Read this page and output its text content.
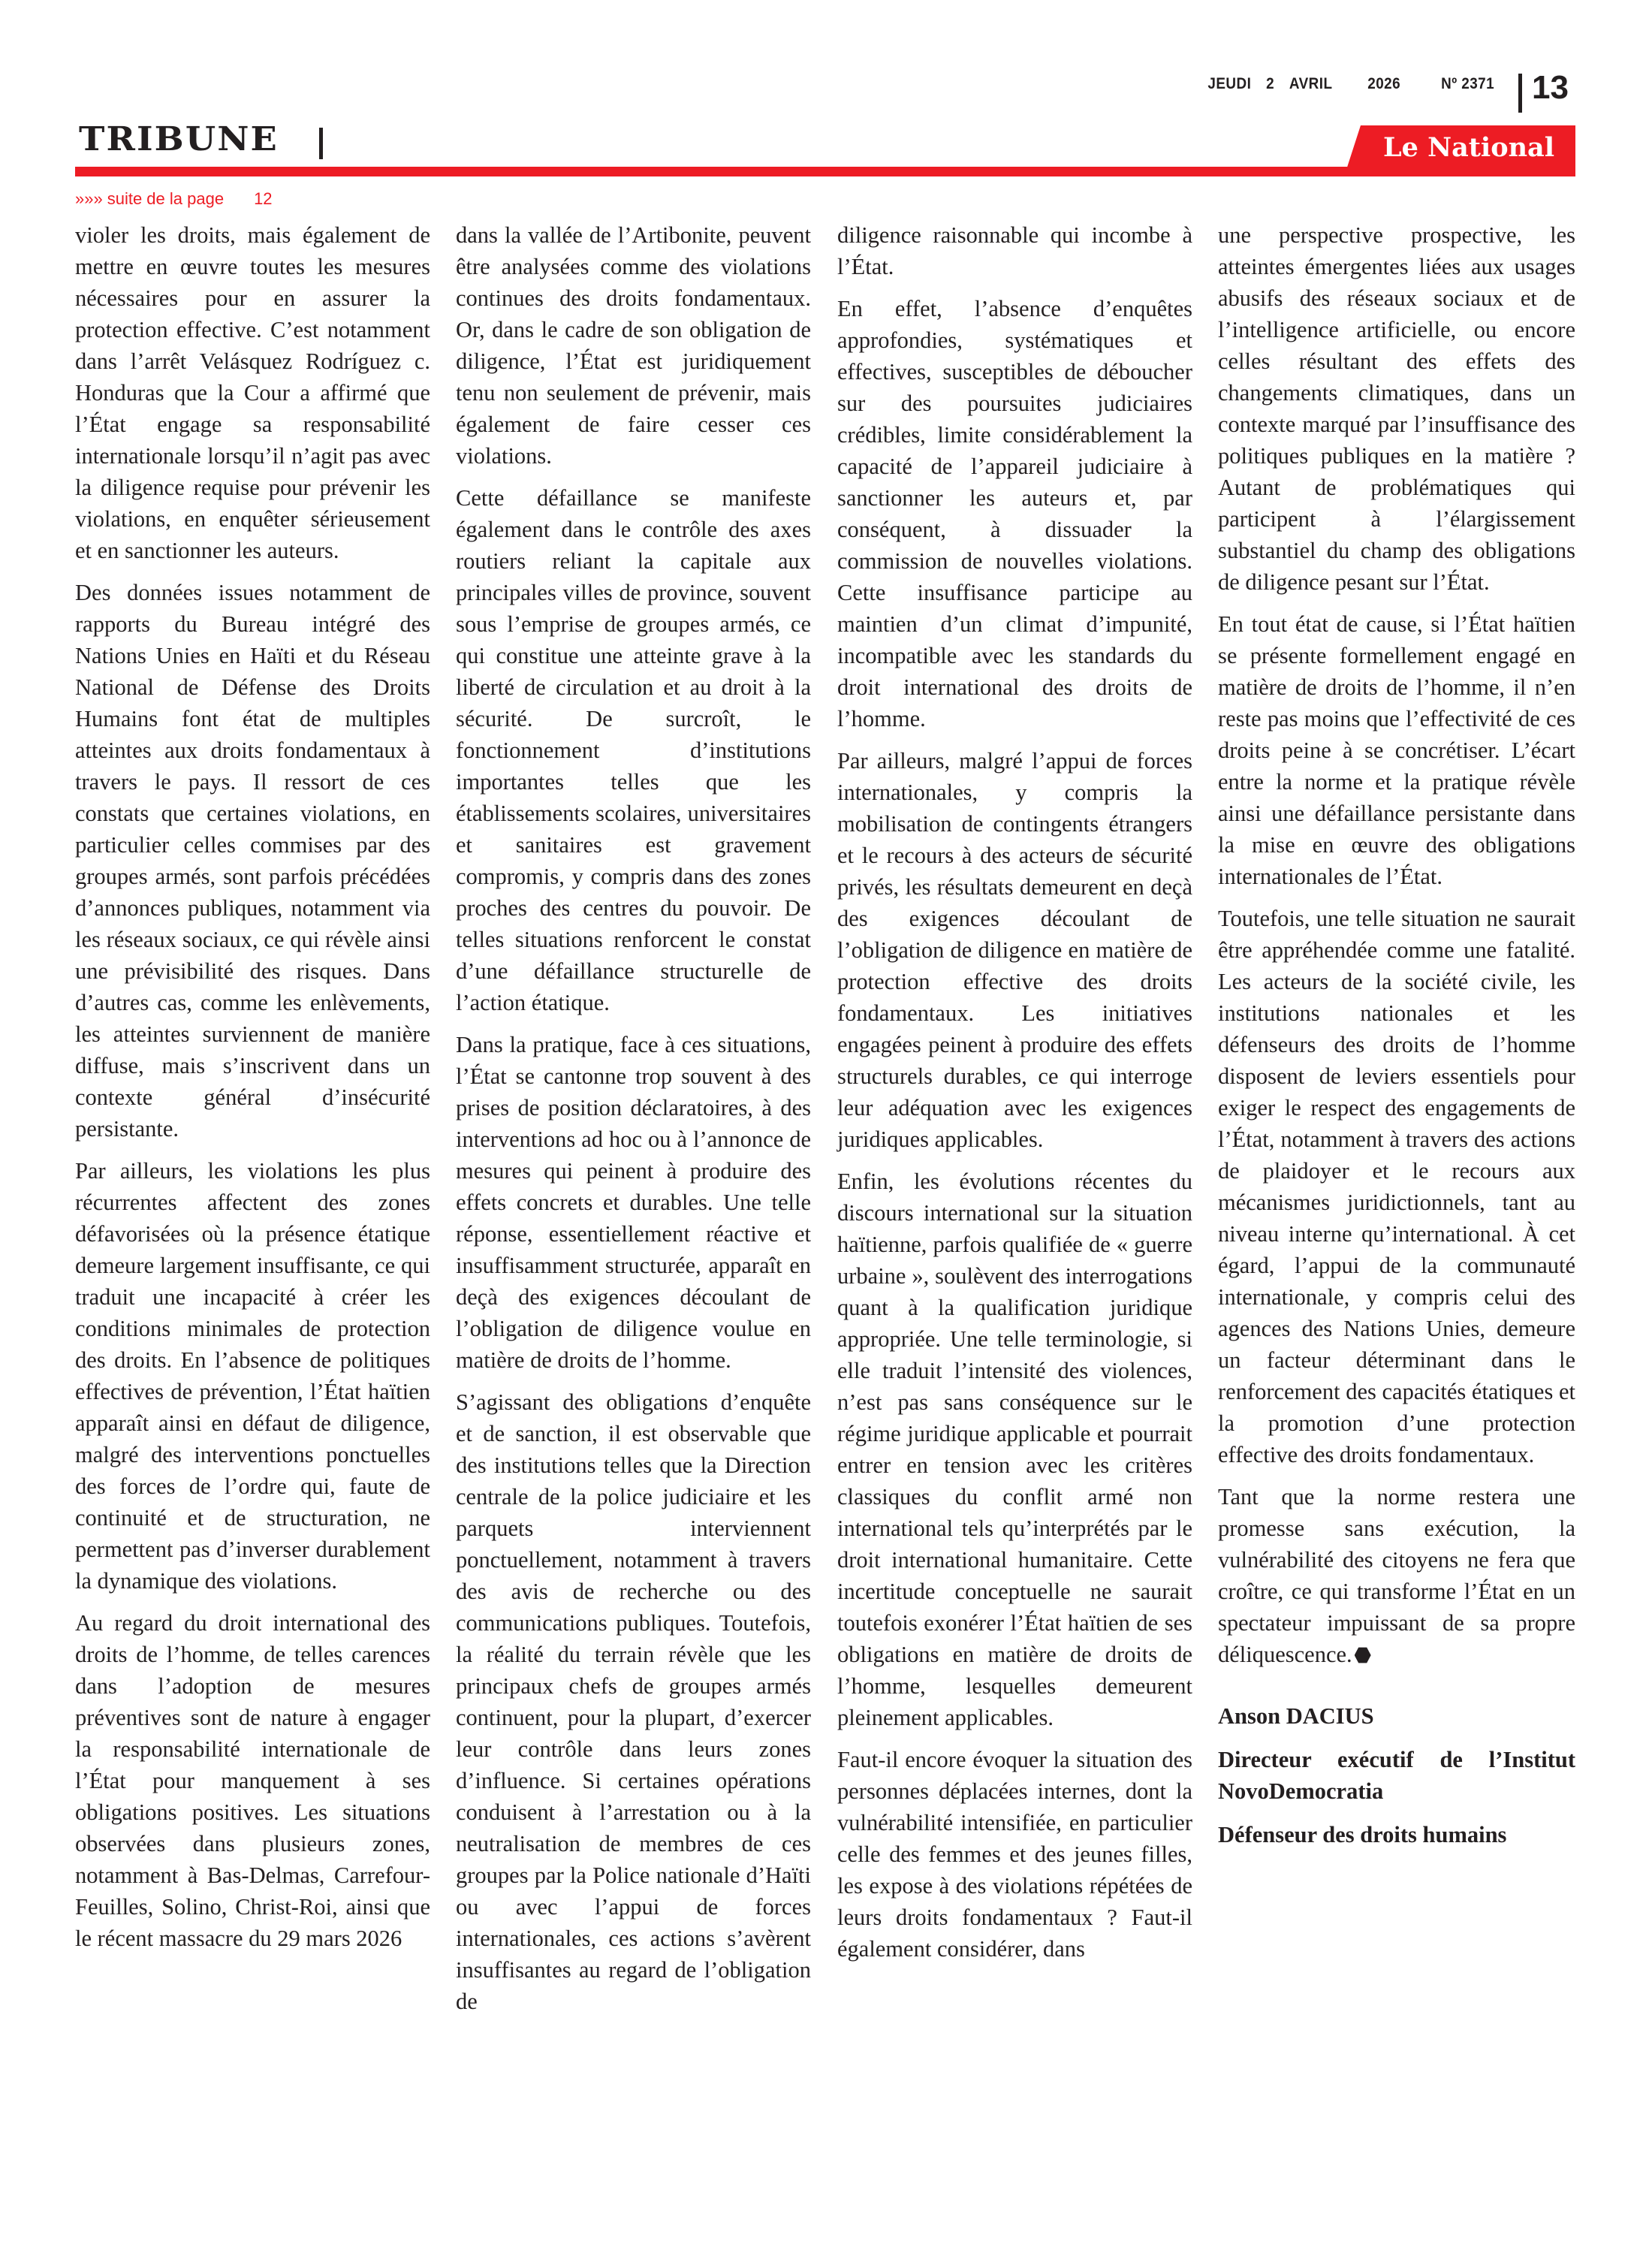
JEUDI 2 AVRIL 2026	Nº 2371 13
TRIBUNE	Le National
»»» suite de la page 12

violer les droits, mais également de mettre en œuvre toutes les mesures nécessaires pour en assurer la protection effective. C’est notamment dans l’arrêt Velásquez Rodríguez c. Honduras que la Cour a affirmé que l’État engage sa responsabilité internationale lorsqu’il n’agit pas avec la diligence requise pour prévenir les violations, en enquêter sérieusement et en sanctionner les auteurs.

Des données issues notamment de rapports du Bureau intégré des Nations Unies en Haïti et du Réseau National de Défense des Droits Humains font état de multiples atteintes aux droits fondamentaux à travers le pays. Il ressort de ces constats que certaines violations, en particulier celles commises par des groupes armés, sont parfois précédées d’annonces publiques, notamment via les réseaux sociaux, ce qui révèle ainsi une prévisibilité des risques. Dans d’autres cas, comme les enlèvements, les atteintes surviennent de manière diffuse, mais s’inscrivent dans un contexte général d’insécurité persistante.

Par ailleurs, les violations les plus récurrentes affectent des zones défavorisées où la présence étatique demeure largement insuffisante, ce qui traduit une incapacité à créer les conditions minimales de protection des droits. En l’absence de politiques effectives de prévention, l’État haïtien apparaît ainsi en défaut de diligence, malgré des interventions ponctuelles des forces de l’ordre qui, faute de continuité et de structuration, ne permettent pas d’inverser durablement la dynamique des violations.

Au regard du droit international des droits de l’homme, de telles carences dans l’adoption de mesures préventives sont de nature à engager la responsabilité internationale de l’État pour manquement à ses obligations positives. Les situations observées dans plusieurs zones, notamment à Bas-Delmas, Carrefour-Feuilles, Solino, Christ-Roi, ainsi que le récent massacre du 29 mars 2026

dans la vallée de l’Artibonite, peuvent être analysées comme des violations continues des droits fondamentaux. Or, dans le cadre de son obligation de diligence, l’État est juridiquement tenu non seulement de prévenir, mais également de faire cesser ces violations.

Cette défaillance se manifeste également dans le contrôle des axes routiers reliant la capitale aux principales villes de province, souvent sous l’emprise de groupes armés, ce qui constitue une atteinte grave à la liberté de circulation et au droit à la sécurité. De surcroît, le fonctionnement d’institutions importantes telles que les établissements scolaires, universitaires et sanitaires est gravement compromis, y compris dans des zones proches des centres du pouvoir. De telles situations renforcent le constat d’une défaillance structurelle de l’action étatique.

Dans la pratique, face à ces situations, l’État se cantonne trop souvent à des prises de position déclaratoires, à des interventions ad hoc ou à l’annonce de mesures qui peinent à produire des effets concrets et durables. Une telle réponse, essentiellement réactive et insuffisamment structurée, apparaît en deçà des exigences découlant de l’obligation de diligence voulue en matière de droits de l’homme.

S’agissant des obligations d’enquête et de sanction, il est observable que des institutions telles que la Direction centrale de la police judiciaire et les parquets interviennent ponctuellement, notamment à travers des avis de recherche ou des communications publiques. Toutefois, la réalité du terrain révèle que les principaux chefs de groupes armés continuent, pour la plupart, d’exercer leur contrôle dans leurs zones d’influence. Si certaines opérations conduisent à l’arrestation ou à la neutralisation de membres de ces groupes par la Police nationale d’Haïti ou avec l’appui de forces internationales, ces actions s’avèrent insuffisantes au regard de l’obligation de

diligence raisonnable qui incombe à l’État.

En effet, l’absence d’enquêtes approfondies, systématiques et effectives, susceptibles de déboucher sur des poursuites judiciaires crédibles, limite considérablement la capacité de l’appareil judiciaire à sanctionner les auteurs et, par conséquent, à dissuader la commission de nouvelles violations. Cette insuffisance participe au maintien d’un climat d’impunité, incompatible avec les standards du droit international des droits de l’homme.

Par ailleurs, malgré l’appui de forces internationales, y compris la mobilisation de contingents étrangers et le recours à des acteurs de sécurité privés, les résultats demeurent en deçà des exigences découlant de l’obligation de diligence en matière de protection effective des droits fondamentaux. Les initiatives engagées peinent à produire des effets structurels durables, ce qui interroge leur adéquation avec les exigences juridiques applicables.

Enfin, les évolutions récentes du discours international sur la situation haïtienne, parfois qualifiée de « guerre urbaine », soulèvent des interrogations quant à la qualification juridique appropriée. Une telle terminologie, si elle traduit l’intensité des violences, n’est pas sans conséquence sur le régime juridique applicable et pourrait entrer en tension avec les critères classiques du conflit armé non international tels qu’interprétés par le droit international humanitaire. Cette incertitude conceptuelle ne saurait toutefois exonérer l’État haïtien de ses obligations en matière de droits de l’homme, lesquelles demeurent pleinement applicables.

Faut-il encore évoquer la situation des personnes déplacées internes, dont la vulnérabilité intensifiée, en particulier celle des femmes et des jeunes filles, les expose à des violations répétées de leurs droits fondamentaux ? Faut-il également considérer, dans

une perspective prospective, les atteintes émergentes liées aux usages abusifs des réseaux sociaux et de l’intelligence artificielle, ou encore celles résultant des effets des changements climatiques, dans un contexte marqué par l’insuffisance des politiques publiques en la matière ? Autant de problématiques qui participent à l’élargissement substantiel du champ des obligations de diligence pesant sur l’État.

En tout état de cause, si l’État haïtien se présente formellement engagé en matière de droits de l’homme, il n’en reste pas moins que l’effectivité de ces droits peine à se concrétiser. L’écart entre la norme et la pratique révèle ainsi une défaillance persistante dans la mise en œuvre des obligations internationales de l’État.

Toutefois, une telle situation ne saurait être appréhendée comme une fatalité. Les acteurs de la société civile, les institutions nationales et les défenseurs des droits de l’homme disposent de leviers essentiels pour exiger le respect des engagements de l’État, notamment à travers des actions de plaidoyer et le recours aux mécanismes juridictionnels, tant au niveau interne qu’international. À cet égard, l’appui de la communauté internationale, y compris celui des agences des Nations Unies, demeure un facteur déterminant dans le renforcement des capacités étatiques et la promotion d’une protection effective des droits fondamentaux.

Tant que la norme restera une promesse sans exécution, la vulnérabilité des citoyens ne fera que croître, ce qui transforme l’État en un spectateur impuissant de sa propre déliquescence.

Anson DACIUS

Directeur exécutif de l’Institut NovoDemocratia

Défenseur des droits humains
